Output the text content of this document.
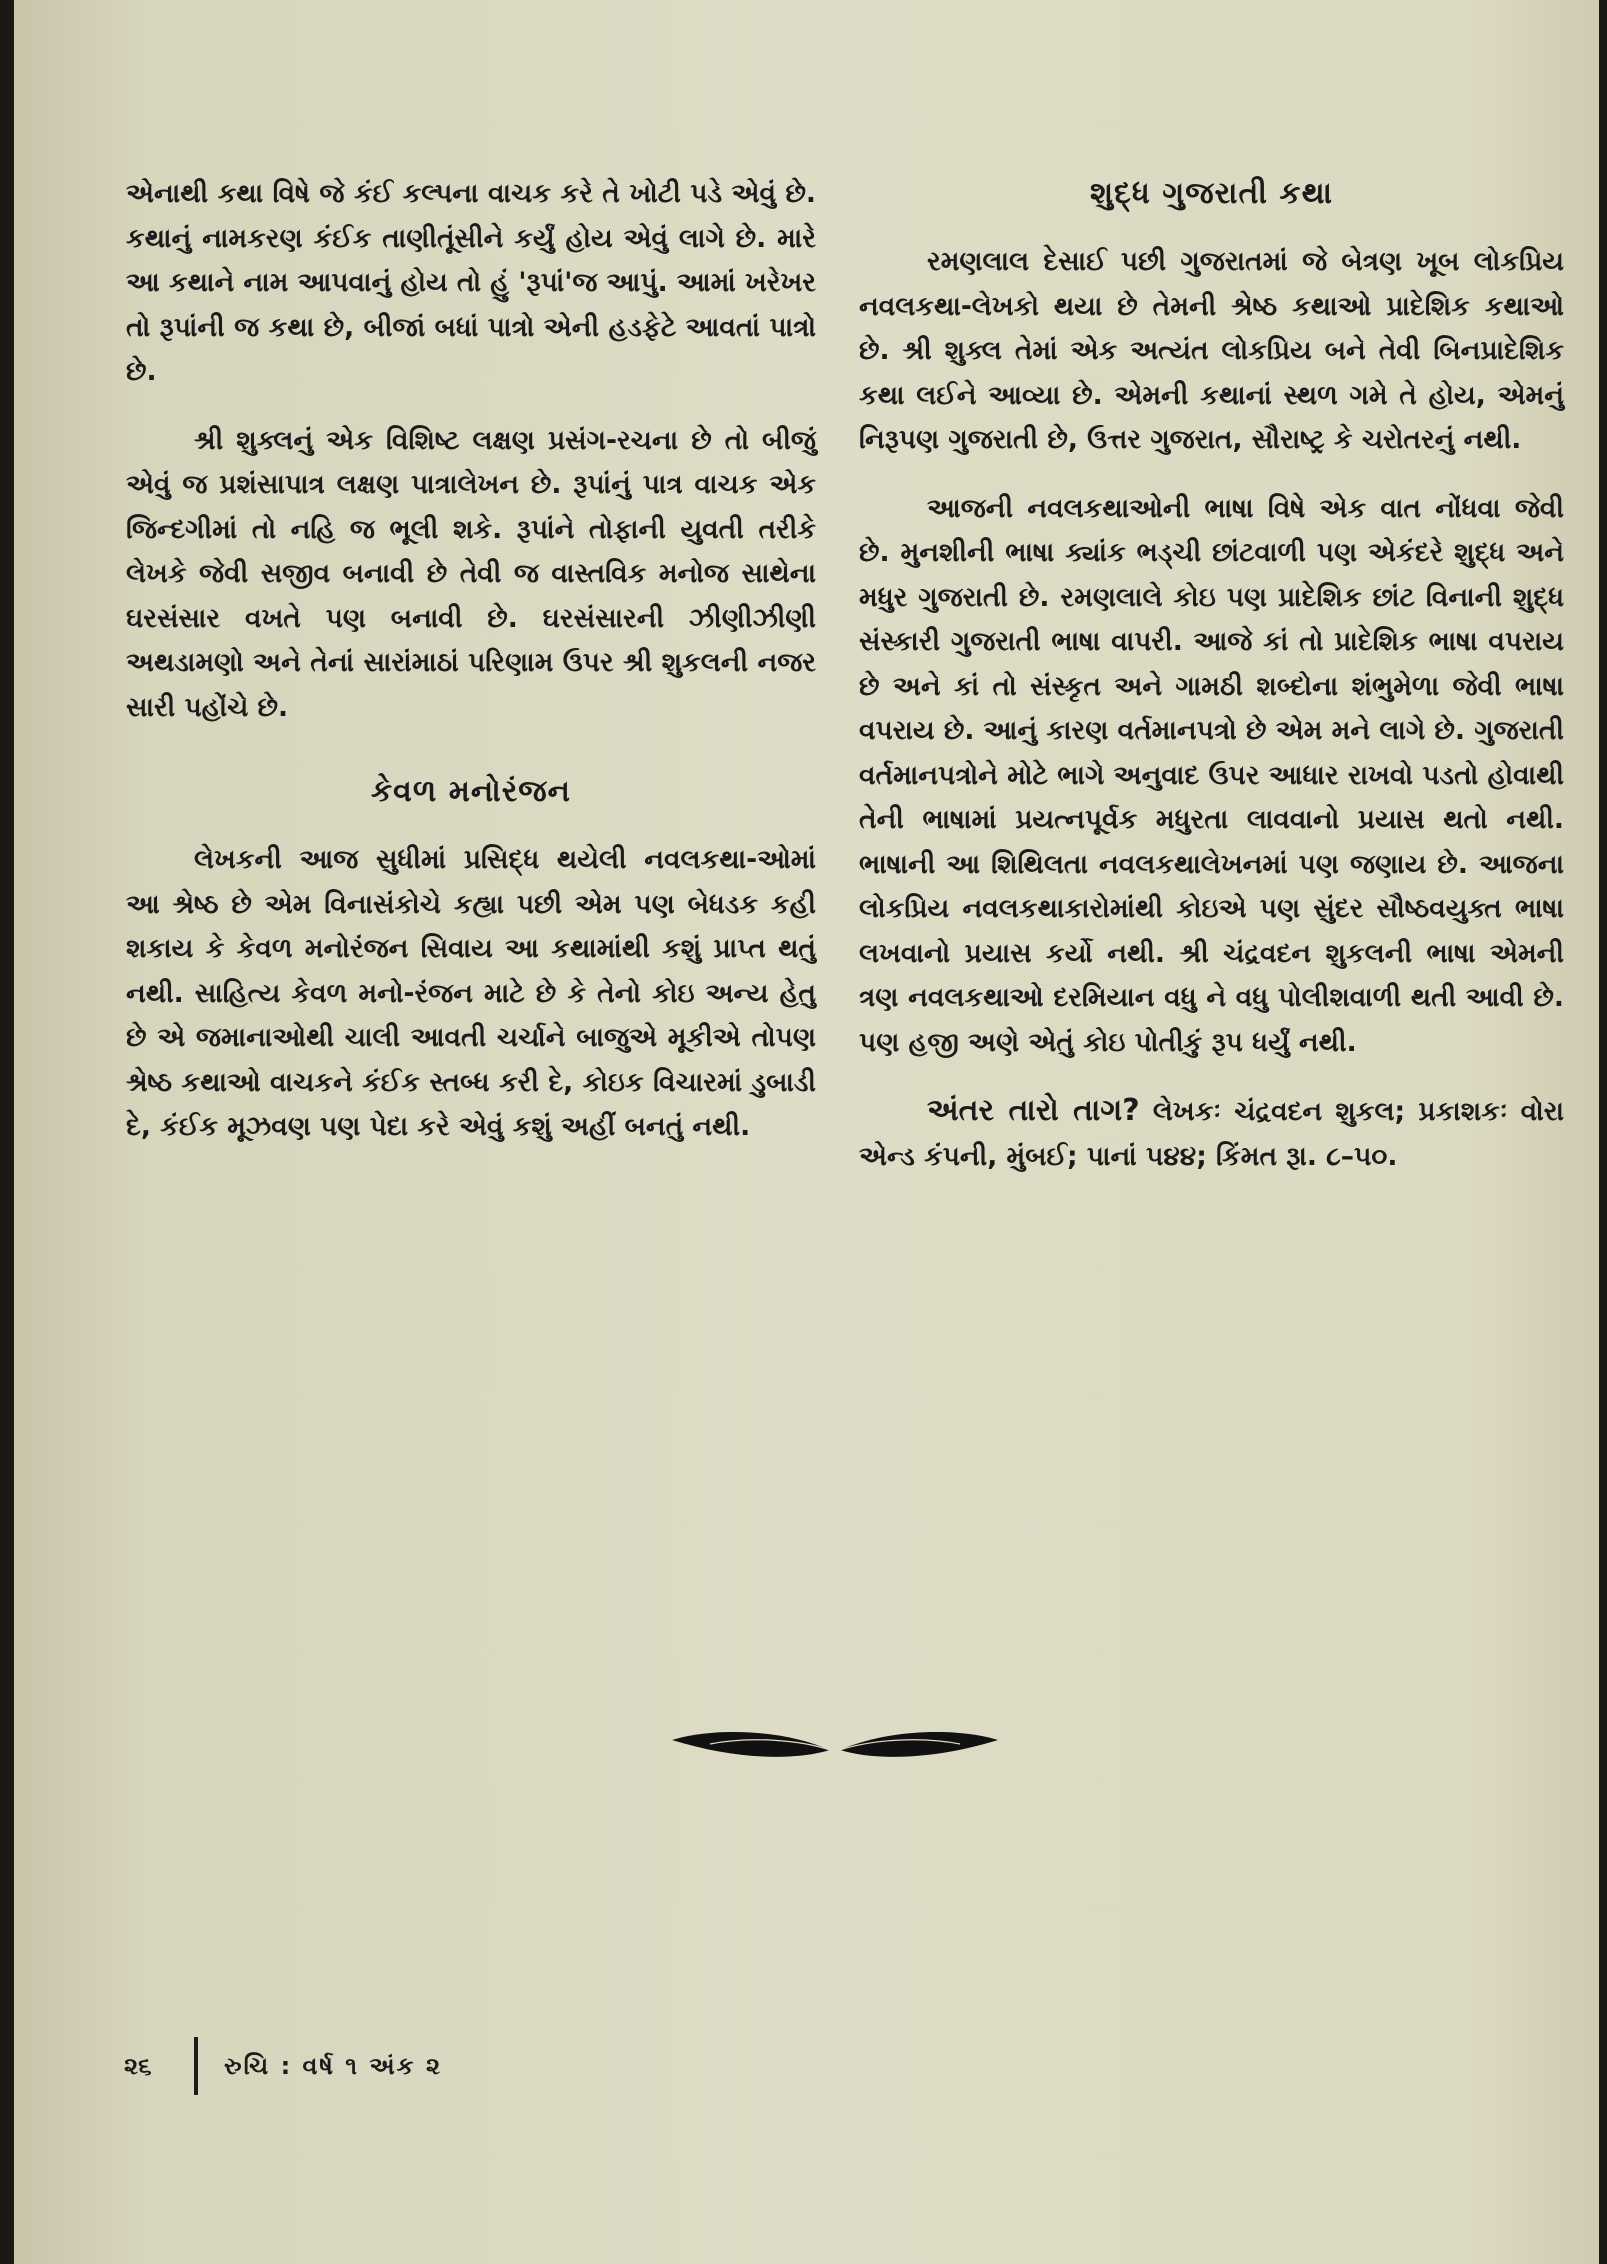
એનાથી કથા વિષે જે કંઈ કલ્પના વાચક કરે તે ખોટી પડે એવું છે. કથાનું નામકરણ કંઈક તાણીતૂંસીને કર્યું હોય એવું લાગે છે. મારે આ કથાને નામ આપવાનું હોય તો હું 'રૂપાં'જ આપું. આમાં ખરેખર તો રૂપાંની જ કથા છે, બીજાં બધાં પાત્રો એની હડફેટે આવતાં પાત્રો છે.

શ્રી શુક્લનું એક વિશિષ્ટ લક્ષણ પ્રસંગ-રચના છે તો બીજું એવું જ પ્રશંસાપાત્ર લક્ષણ પાત્રાલેખન છે. રૂપાંનું પાત્ર વાચક એક જિન્દગીમાં તો નહિ જ ભૂલી શકે. રૂપાંને તોફાની યુવતી તરીકે લેખકે જેવી સજીવ બનાવી છે તેવી જ વાસ્તવિક મનોજ સાથેના ઘરસંસાર વખતે પણ બનાવી છે. ઘરસંસારની ઝીણીઝીણી અથડામણો અને તેનાં સારાંમાઠાં પરિણામ ઉપર શ્રી શુકલની નજર સારી પહોંચે છે.

કેવળ મનોરંજન

લેખકની આજ સુધીમાં પ્રસિદ્ધ થયેલી નવલકથા-ઓમાં આ શ્રેષ્ઠ છે એમ વિનાસંકોચે કહ્યા પછી એમ પણ બેધડક કહી શકાય કે કેવળ મનોરંજન સિવાય આ કથામાંથી કશું પ્રાપ્ત થતું નથી. સાહિત્ય કેવળ મનો-રંજન માટે છે કે તેનો કોઇ અન્ય હેતુ છે એ જમાનાઓથી ચાલી આવતી ચર્ચાને બાજુએ મૂકીએ તોપણ શ્રેષ્ઠ કથાઓ વાચકને કંઈક સ્તબ્ધ કરી દે, કોઇક વિચારમાં ડુબાડી દે, કંઈક મૂઝવણ પણ પેદા કરે એવું કશું અહીં બનતું નથી.

શુદ્ધ ગુજરાતી કથા

રમણલાલ દેસાઈ પછી ગુજરાતમાં જે બેત્રણ ખૂબ લોકપ્રિય નવલકથા-લેખકો થયા છે તેમની શ્રેષ્ઠ કથાઓ પ્રાદેશિક કથાઓ છે. શ્રી શુક્લ તેમાં એક અત્યંત લોકપ્રિય બને તેવી બિનપ્રાદેશિક કથા લઈને આવ્યા છે. એમની કથાનાં સ્થળ ગમે તે હોય, એમનું નિરૂપણ ગુજરાતી છે, ઉત્તર ગુજરાત, સૌરાષ્ટ્ર કે ચરોતરનું નથી.

આજની નવલકથાઓની ભાષા વિષે એક વાત નોંધવા જેવી છે. મુનશીની ભાષા ક્યાંક ભડ્ચી છાંટવાળી પણ એકંદરે શુદ્ધ અને મધુર ગુજરાતી છે. રમણલાલે કોઇ પણ પ્રાદેશિક છાંટ વિનાની શુદ્ધ સંસ્કારી ગુજરાતી ભાષા વાપરી. આજે કાં તો પ્રાદેશિક ભાષા વપરાય છે અને કાં તો સંસ્કૃત અને ગામઠી શબ્દોના શંભુમેળા જેવી ભાષા વપરાય છે. આનું કારણ વર્તમાનપત્રો છે એમ મને લાગે છે. ગુજરાતી વર્તમાનપત્રોને મોટે ભાગે અનુવાદ ઉપર આધાર રાખવો પડતો હોવાથી તેની ભાષામાં પ્રયત્નપૂર્વક મધુરતા લાવવાનો પ્રયાસ થતો નથી. ભાષાની આ શિથિલતા નવલકથાલેખનમાં પણ જણાય છે. આજના લોકપ્રિય નવલકથાકારોમાંથી કોઇએ પણ સુંદર સૌષ્ઠવયુક્ત ભાષા લખવાનો પ્રયાસ કર્યો નથી. શ્રી ચંદ્રવદન શુકલની ભાષા એમની ત્રણ નવલકથાઓ દરમિયાન વધુ ને વધુ પોલીશવાળી થતી આવી છે. પણ હજી અણે એતું કોઇ પોતીકું રૂપ ધર્યું નથી.

અંતર તારો તાગ? લેખકઃ ચંદ્રવદન શુકલ; પ્રકાશકઃ વોરા એન્ડ કંપની, મુંબઈ; પાનાં ૫૪૪; કિંમત રૂા. ૮–૫૦.

૨૬	રુચિ : વર્ષ ૧ અંક ૨
